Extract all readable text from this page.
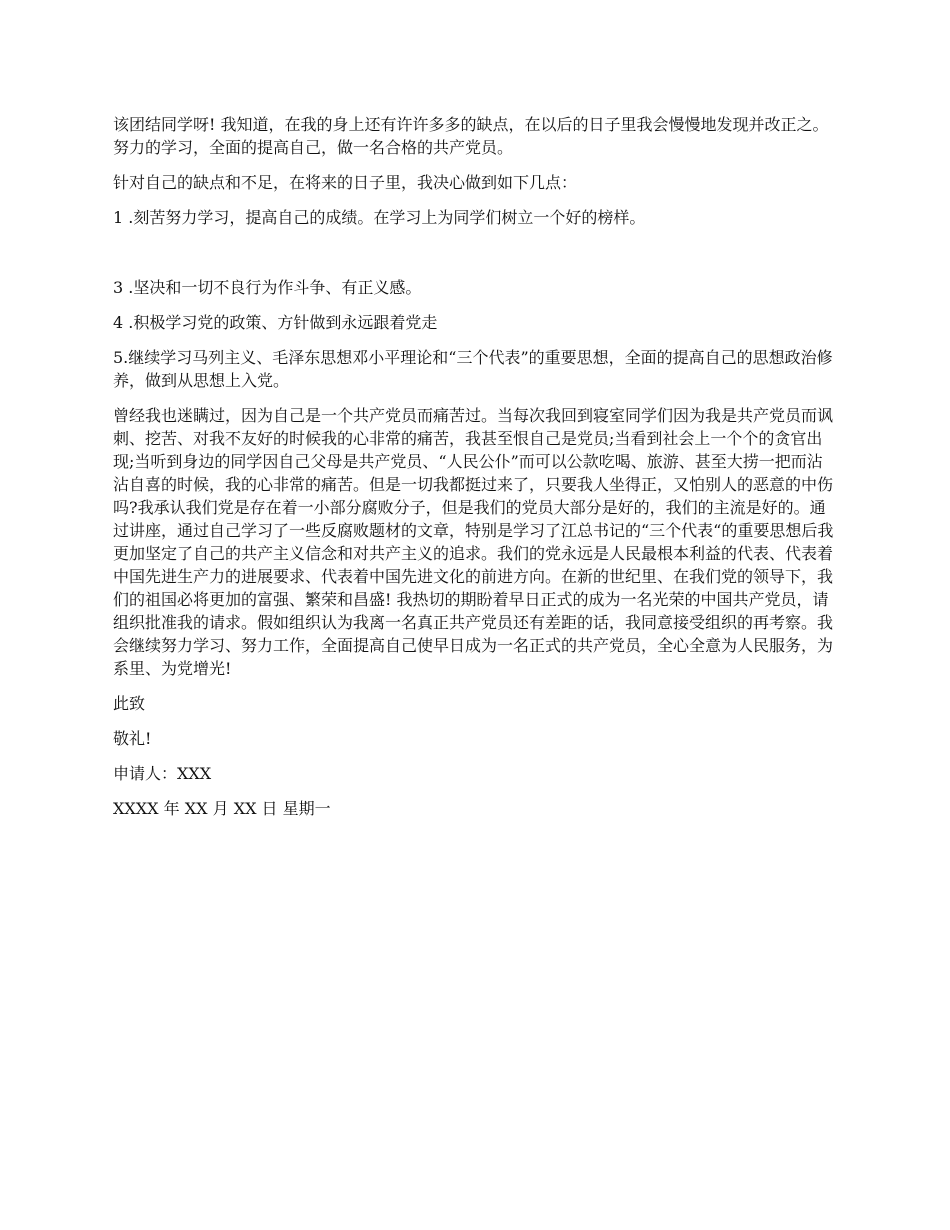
该团结同学呀! 我知道，在我的身上还有许许多多的缺点，在以后的日子里我会慢慢地发现并改正之。努力的学习，全面的提高自己，做一名合格的共产党员。

针对自己的缺点和不足，在将来的日子里，我决心做到如下几点：

1 .刻苦努力学习，提高自己的成绩。在学习上为同学们树立一个好的榜样。

3 .坚决和一切不良行为作斗争、有正义感。

4 .积极学习党的政策、方针做到永远跟着党走

5.继续学习马列主义、毛泽东思想邓小平理论和“三个代表”的重要思想，全面的提高自己的思想政治修养，做到从思想上入党。

曾经我也迷瞒过，因为自己是一个共产党员而痛苦过。当每次我回到寝室同学们因为我是共产党员而讽刺、挖苦、对我不友好的时候我的心非常的痛苦，我甚至恨自己是党员;当看到社会上一个个的贪官出现;当听到身边的同学因自己父母是共产党员、“人民公仆”而可以公款吃喝、旅游、甚至大捞一把而沾沾自喜的时候，我的心非常的痛苦。但是一切我都挺过来了，只要我人坐得正，又怕别人的恶意的中伤吗?我承认我们党是存在着一小部分腐败分子，但是我们的党员大部分是好的，我们的主流是好的。通过讲座，通过自己学习了一些反腐败题材的文章，特别是学习了江总书记的“三个代表“的重要思想后我更加坚定了自己的共产主义信念和对共产主义的追求。我们的党永远是人民最根本利益的代表、代表着中国先进生产力的进展要求、代表着中国先进文化的前进方向。在新的世纪里、在我们党的领导下，我们的祖国必将更加的富强、繁荣和昌盛! 我热切的期盼着早日正式的成为一名光荣的中国共产党员，请组织批准我的请求。假如组织认为我离一名真正共产党员还有差距的话，我同意接受组织的再考察。我会继续努力学习、努力工作，全面提高自己使早日成为一名正式的共产党员，全心全意为人民服务，为系里、为党增光!

此致

敬礼!

申请人：XXX

XXXX 年 XX 月 XX 日 星期一
